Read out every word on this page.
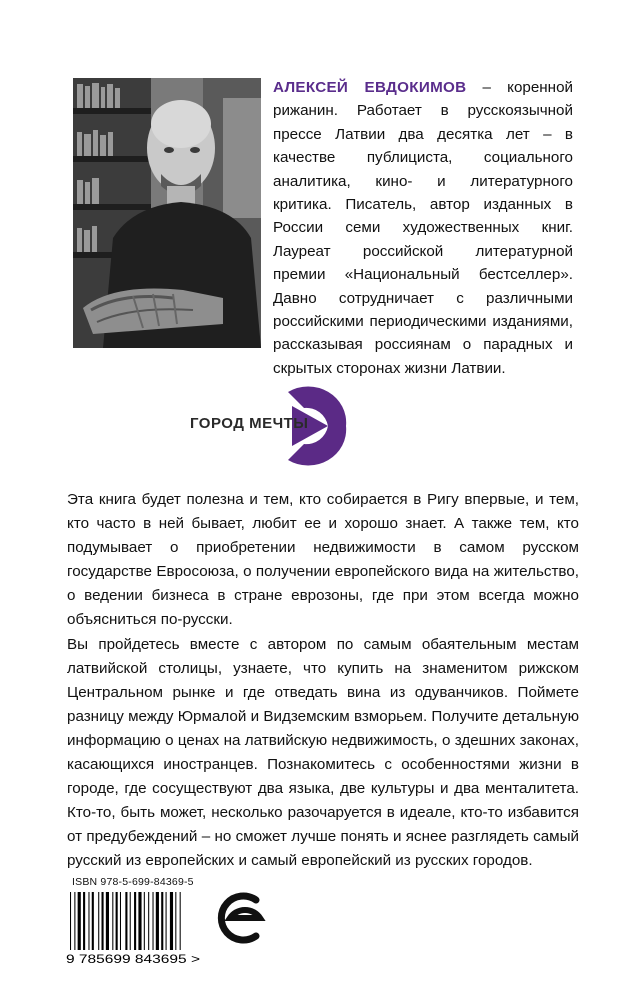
АЛЕКСЕЙ ЕВДОКИМОВ – коренной рижанин. Работает в русскоязычной прессе Латвии два десятка лет – в качестве публициста, социального аналитика, кино- и литературного критика. Писатель, автор изданных в России семи художественных книг. Лауреат российской литературной премии «Национальный бестселлер». Давно сотрудничает с различными российскими периодическими изданиями, рассказывая россиянам о парадных и скрытых сторонах жизни Латвии.
ГОРОД МЕЧТЫ

Эта книга будет полезна и тем, кто собирается в Ригу впервые, и тем, кто часто в ней бывает, любит ее и хорошо знает. А также тем, кто подумывает о приобретении недвижимости в самом русском государстве Евросоюза, о получении европейского вида на жительство, о ведении бизнеса в стране еврозоны, где при этом всегда можно объясниться по-русски.

Вы пройдетесь вместе с автором по самым обаятельным местам латвийской столицы, узнаете, что купить на знаменитом рижском Центральном рынке и где отведать вина из одуванчиков. Поймете разницу между Юрмалой и Видземским взморьем. Получите детальную информацию о ценах на латвийскую недвижимость, о здешних законах, касающихся иностранцев. Познакомитесь с особенностями жизни в городе, где сосуществуют два языка, две культуры и два менталитета. Кто-то, быть может, несколько разочаруется в идеале, кто-то избавится от предубеждений – но сможет лучше понять и яснее разглядеть самый русский из европейских и самый европейский из русских городов.

ISBN 978-5-699-84369-5
9 785699 843695 >
